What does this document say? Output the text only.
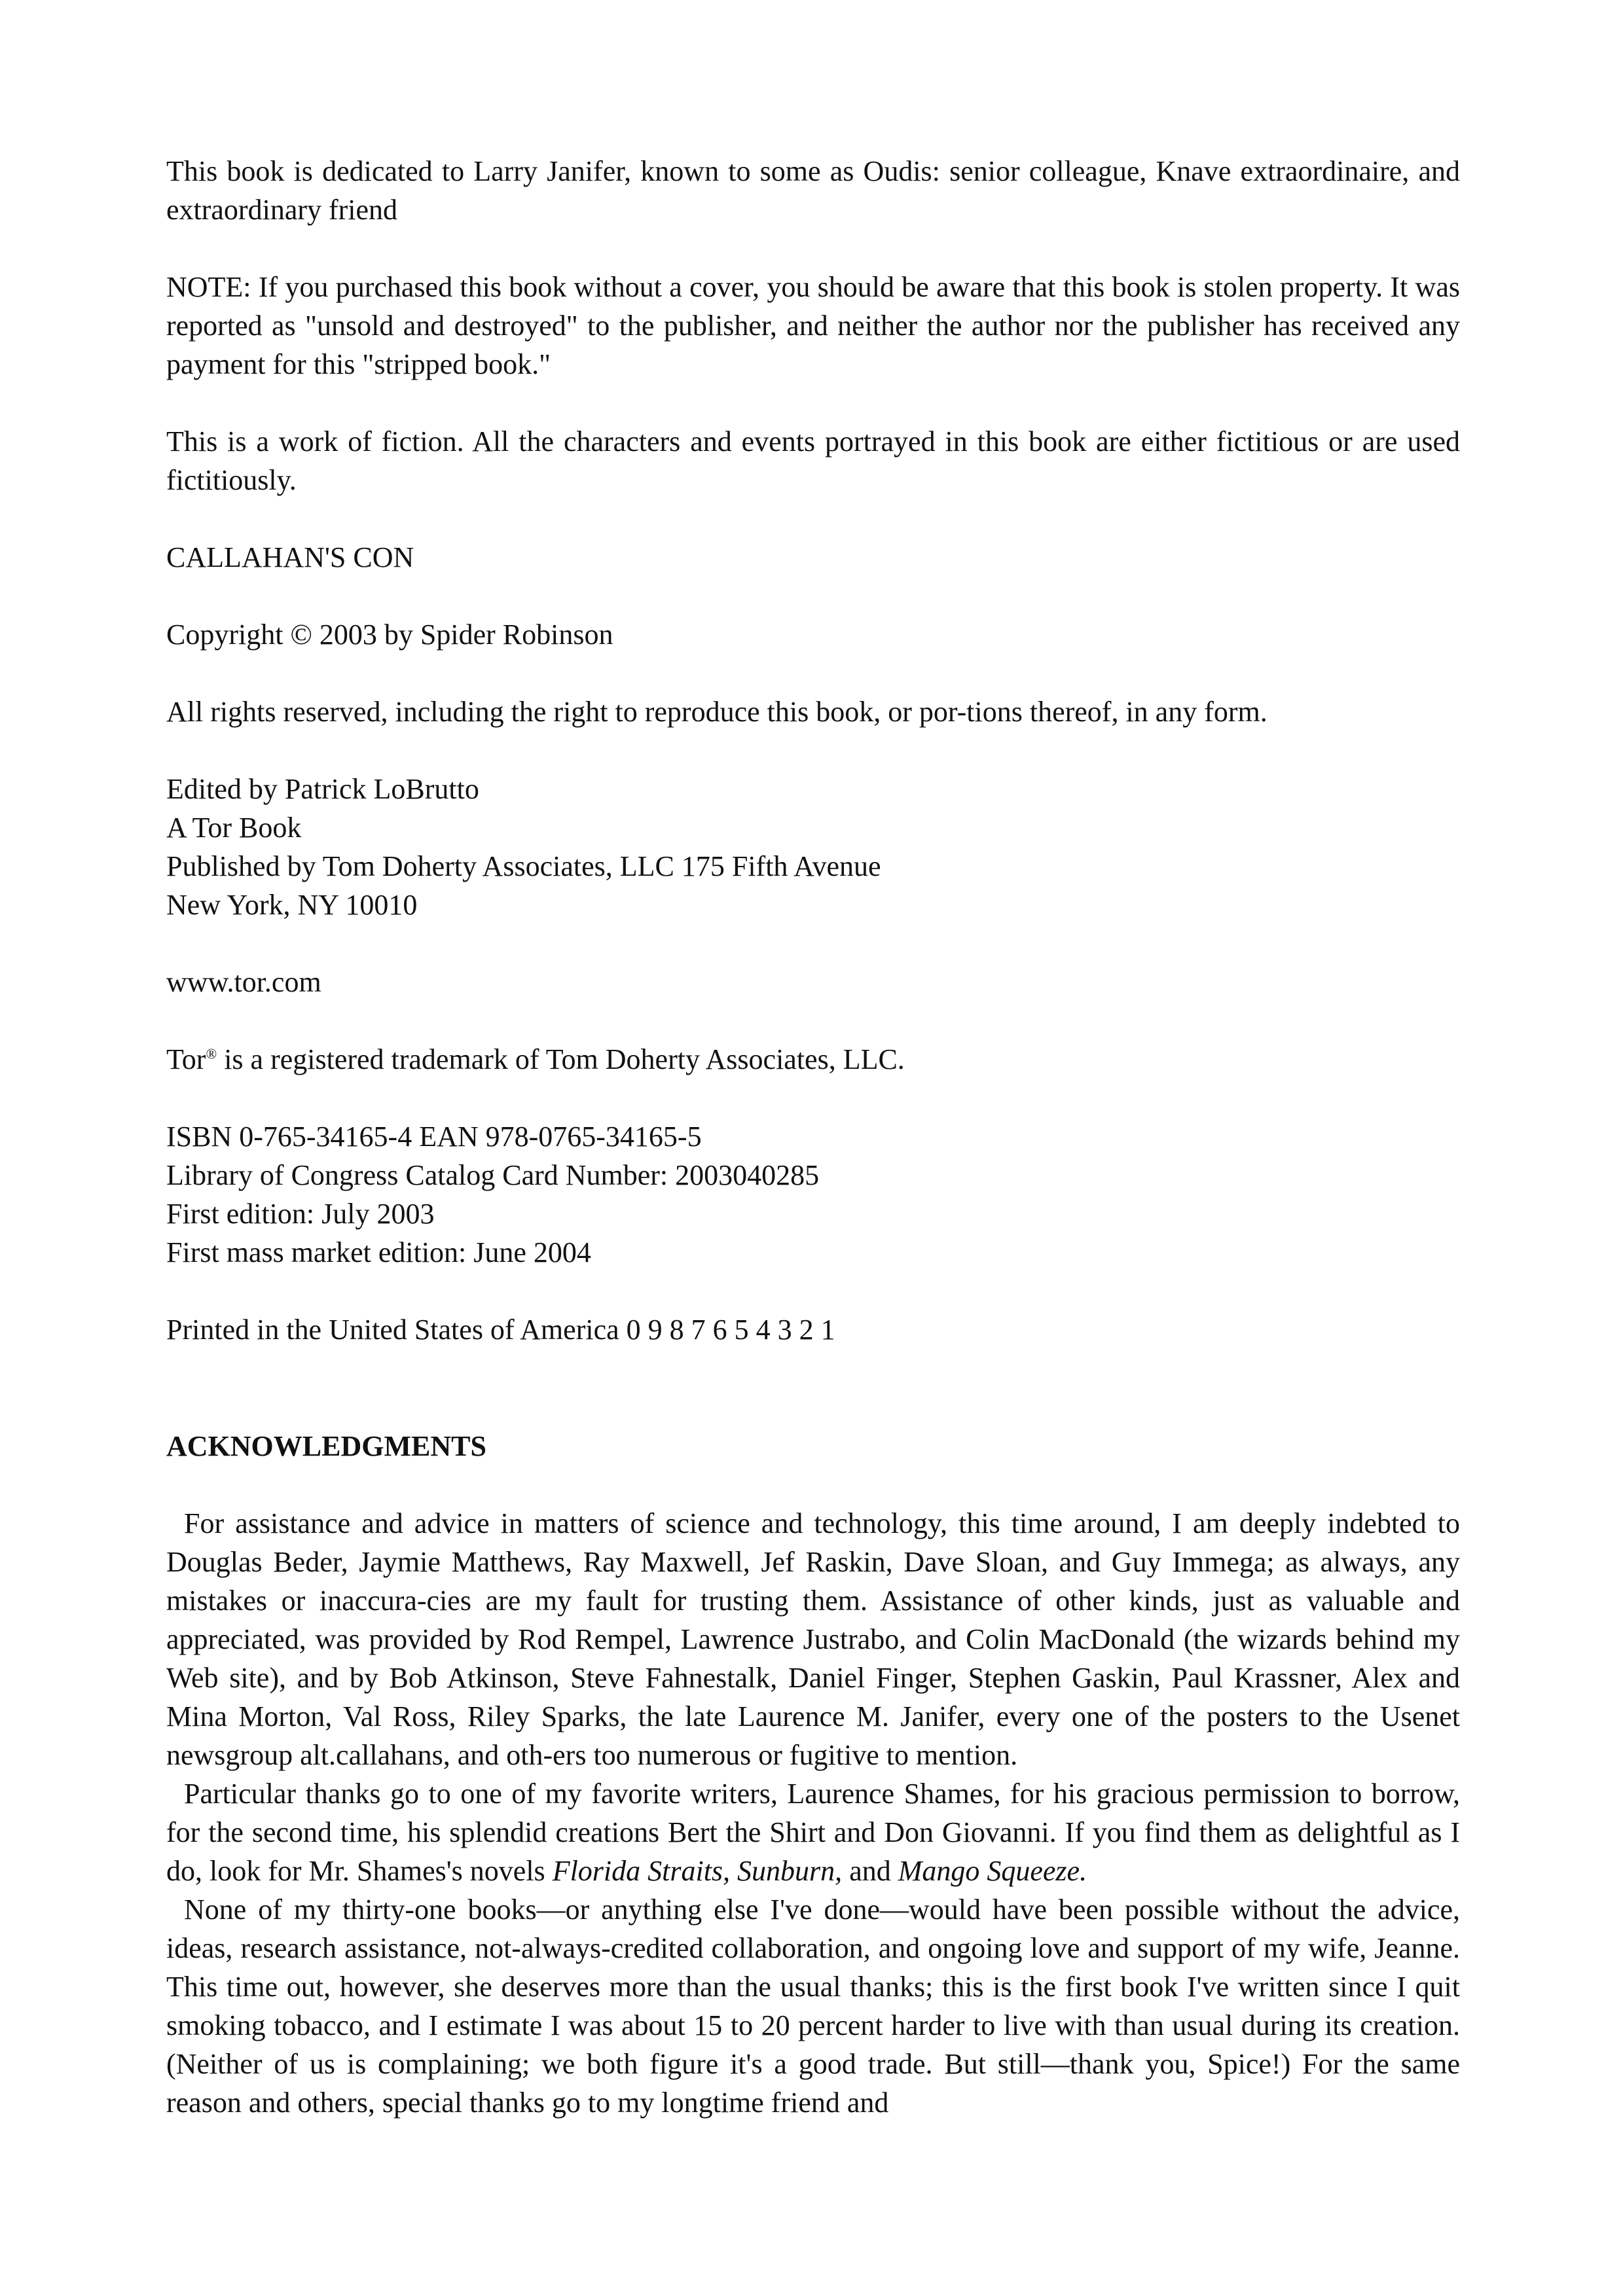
This book is dedicated to Larry Janifer, known to some as Oudis: senior colleague, Knave extraordinaire, and extraordinary friend

NOTE: If you purchased this book without a cover, you should be aware that this book is stolen property. It was reported as "unsold and destroyed" to the publisher, and neither the author nor the publisher has received any payment for this "stripped book."

This is a work of fiction. All the characters and events portrayed in this book are either fictitious or are used fictitiously.

CALLAHAN'S CON

Copyright © 2003 by Spider Robinson

All rights reserved, including the right to reproduce this book, or por-tions thereof, in any form.

Edited by Patrick LoBrutto
A Tor Book
Published by Tom Doherty Associates, LLC 175 Fifth Avenue
New York, NY 10010

www.tor.com

Tor® is a registered trademark of Tom Doherty Associates, LLC.

ISBN 0-765-34165-4 EAN 978-0765-34165-5
Library of Congress Catalog Card Number: 2003040285
First edition: July 2003
First mass market edition: June 2004

Printed in the United States of America 0 9 8 7 6 5 4 3 2 1

ACKNOWLEDGMENTS

For assistance and advice in matters of science and technology, this time around, I am deeply indebted to Douglas Beder, Jaymie Matthews, Ray Maxwell, Jef Raskin, Dave Sloan, and Guy Immega; as always, any mistakes or inaccura-cies are my fault for trusting them. Assistance of other kinds, just as valuable and appreciated, was provided by Rod Rempel, Lawrence Justrabo, and Colin MacDonald (the wizards behind my Web site), and by Bob Atkinson, Steve Fahnestalk, Daniel Finger, Stephen Gaskin, Paul Krassner, Alex and Mina Morton, Val Ross, Riley Sparks, the late Laurence M. Janifer, every one of the posters to the Usenet newsgroup alt.callahans, and oth-ers too numerous or fugitive to mention.

Particular thanks go to one of my favorite writers, Laurence Shames, for his gracious permission to borrow, for the second time, his splendid creations Bert the Shirt and Don Giovanni. If you find them as delightful as I do, look for Mr. Shames's novels Florida Straits, Sunburn, and Mango Squeeze.

None of my thirty-one books—or anything else I've done—would have been possible without the advice, ideas, research assistance, not-always-credited collaboration, and ongoing love and support of my wife, Jeanne. This time out, however, she deserves more than the usual thanks; this is the first book I've written since I quit smoking tobacco, and I estimate I was about 15 to 20 percent harder to live with than usual during its creation. (Neither of us is complaining; we both figure it's a good trade. But still—thank you, Spice!) For the same reason and others, special thanks go to my longtime friend and
